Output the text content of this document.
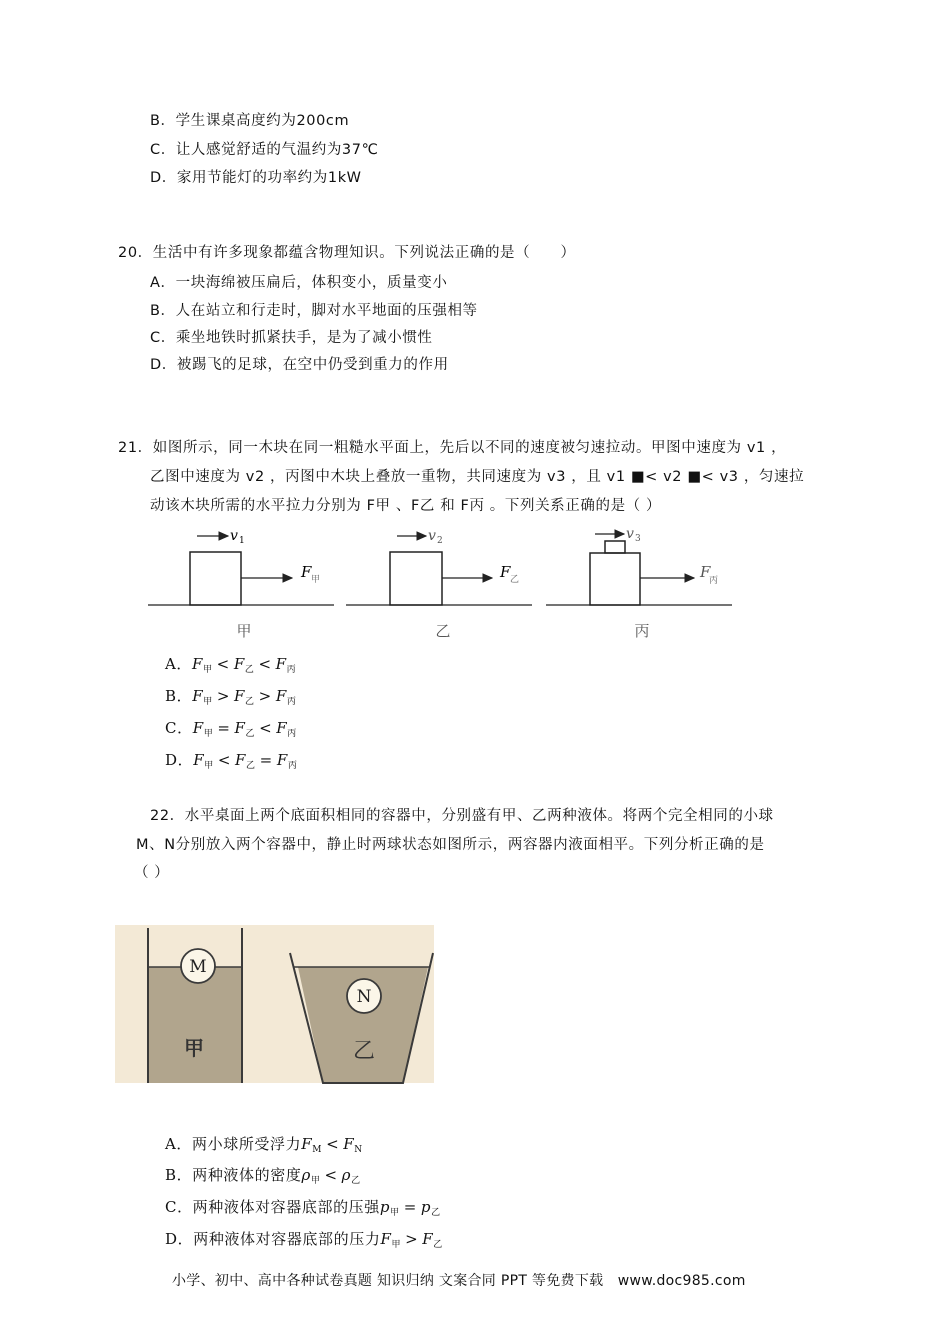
B．学生课桌高度约为200cm
C．让人感觉舒适的气温约为37℃
D．家用节能灯的功率约为1kW
20．生活中有许多现象都蕴含物理知识。下列说法正确的是（　　）
A．一块海绵被压扁后，体积变小，质量变小
B．人在站立和行走时，脚对水平地面的压强相等
C．乘坐地铁时抓紧扶手，是为了减小惯性
D．被踢飞的足球，在空中仍受到重力的作用
21．如图所示，同一木块在同一粗糙水平面上，先后以不同的速度被匀速拉动。甲图中速度为 v1 ，
乙图中速度为 v2 ，丙图中木块上叠放一重物，共同速度为 v3 ，且 v1 ■< v2 ■< v3 ，匀速拉
动该木块所需的水平拉力分别为 F甲 、F乙 和 F丙 。下列关系正确的是（ ）
v 1
F 甲
甲
v 2
F 乙
乙
v 3
F
丙
丙
A．$F_甲 < F_乙 < F_丙$
B．$F_甲 > F_乙 > F_丙$
C．$F_甲 = F_乙 < F_丙$
D．$F_甲 < F_乙 = F_丙$
22．水平桌面上两个底面积相同的容器中，分别盛有甲、乙两种液体。将两个完全相同的小球
M、N分别放入两个容器中，静止时两球状态如图所示，两容器内液面相平。下列分析正确的是
（ ）
M
甲
N
乙
A．两小球所受浮力$F_M < F_N$
B．两种液体的密度$\rho_甲 < \rho_乙$
C．两种液体对容器底部的压强$p_甲 = p_乙$
D．两种液体对容器底部的压力$F_甲 > F_乙$
小学、初中、高中各种试卷真题 知识归纳 文案合同 PPT 等免费下载　www.doc985.com
